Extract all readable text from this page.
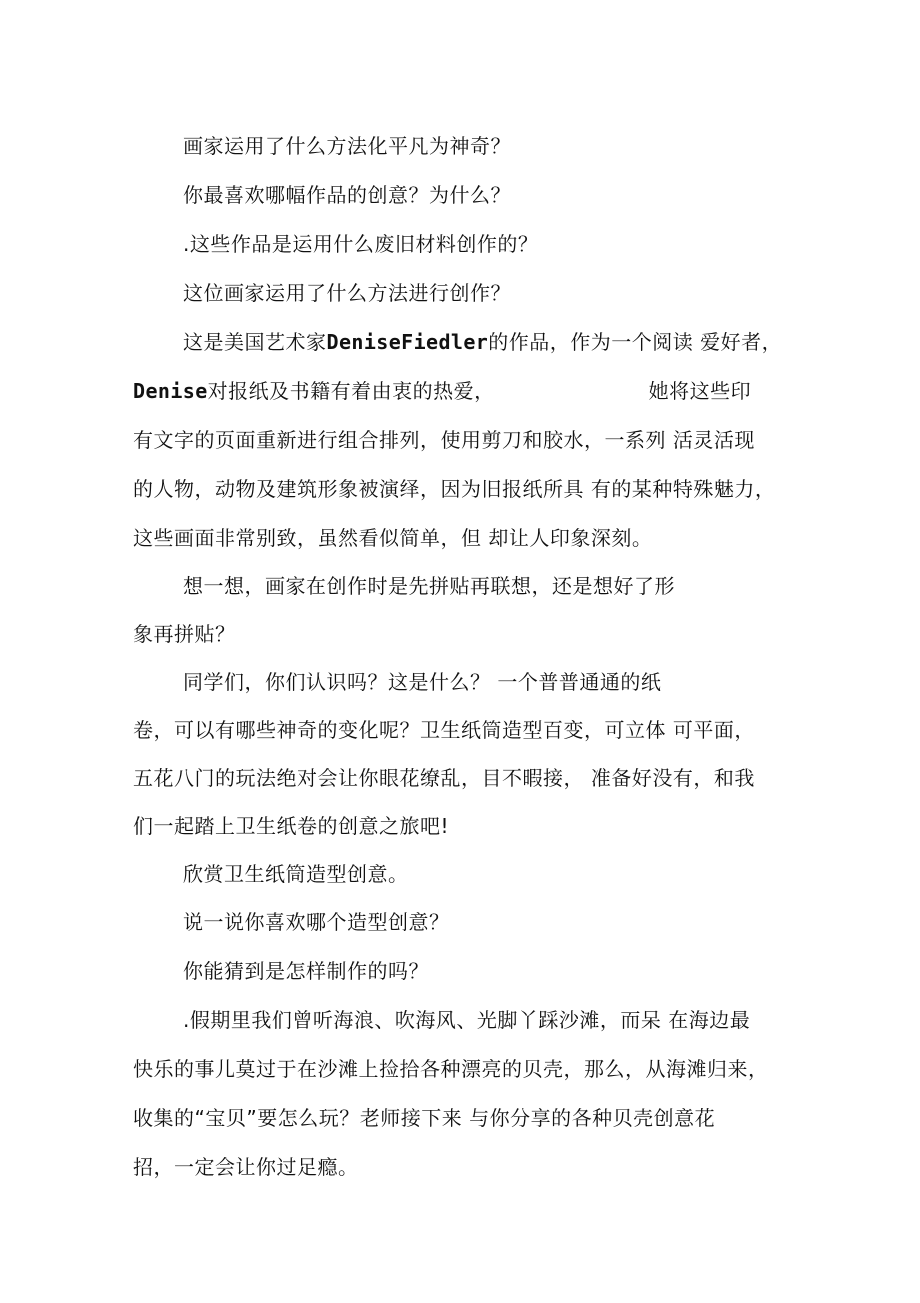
画家运用了什么方法化平凡为神奇？
你最喜欢哪幅作品的创意？为什么？
.这些作品是运用什么废旧材料创作的？
这位画家运用了什么方法进行创作？
这是美国艺术家DeniseFiedler的作品，作为一个阅读 爱好者，
Denise对报纸及书籍有着由衷的热爱，	她将这些印
有文字的页面重新进行组合排列，使用剪刀和胶水，一系列 活灵活现
的人物，动物及建筑形象被演绎，因为旧报纸所具 有的某种特殊魅力，
这些画面非常别致，虽然看似简单，但 却让人印象深刻。
想一想，画家在创作时是先拼贴再联想，还是想好了形
象再拼贴？
同学们，你们认识吗？这是什么？ 一个普普通通的纸
卷，可以有哪些神奇的变化呢？卫生纸筒造型百变，可立体 可平面，
五花八门的玩法绝对会让你眼花缭乱，目不暇接， 准备好没有，和我
们一起踏上卫生纸卷的创意之旅吧!
欣赏卫生纸筒造型创意。
说一说你喜欢哪个造型创意？
你能猜到是怎样制作的吗？
.假期里我们曾听海浪、吹海风、光脚丫踩沙滩，而呆 在海边最
快乐的事儿莫过于在沙滩上捡拾各种漂亮的贝壳，那么，从海滩归来，
收集的“宝贝”要怎么玩？老师接下来 与你分享的各种贝壳创意花
招，一定会让你过足瘾。
